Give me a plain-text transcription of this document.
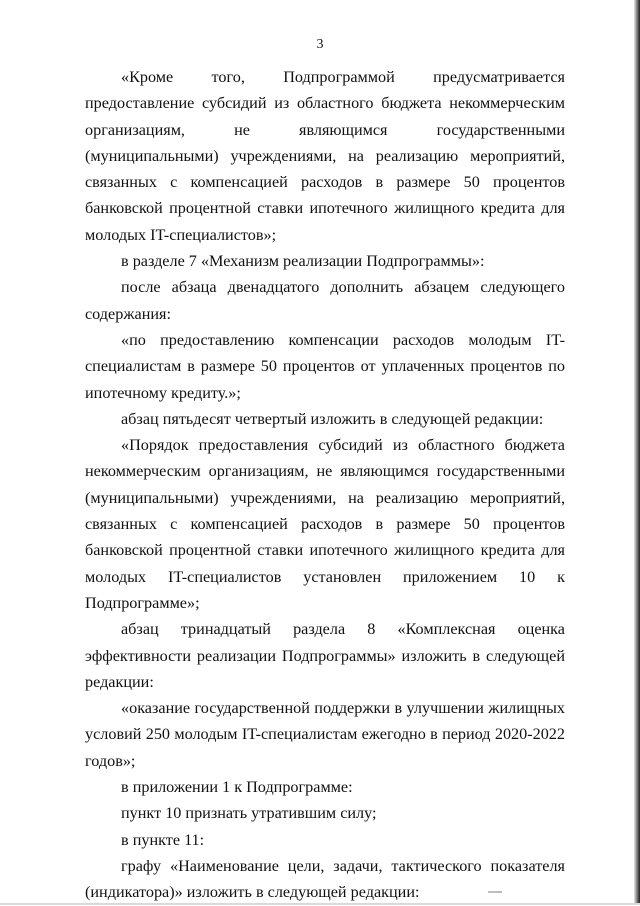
3

«Кроме того, Подпрограммой предусматривается предоставление субсидий из областного бюджета некоммерческим организациям, не являющимся государственными (муниципальными) учреждениями, на реализацию мероприятий, связанных с компенсацией расходов в размере 50 процентов банковской процентной ставки ипотечного жилищного кредита для молодых IT-специалистов»;

в разделе 7 «Механизм реализации Подпрограммы»:

после абзаца двенадцатого дополнить абзацем следующего содержания:

«по предоставлению компенсации расходов молодым IT-специалистам в размере 50 процентов от уплаченных процентов по ипотечному кредиту.»;

абзац пятьдесят четвертый изложить в следующей редакции:

«Порядок предоставления субсидий из областного бюджета некоммерческим организациям, не являющимся государственными (муниципальными) учреждениями, на реализацию мероприятий, связанных с компенсацией расходов в размере 50 процентов банковской процентной ставки ипотечного жилищного кредита для молодых IT-специалистов установлен приложением 10 к Подпрограмме»;

абзац тринадцатый раздела 8 «Комплексная оценка эффективности реализации Подпрограммы» изложить в следующей редакции:

«оказание государственной поддержки в улучшении жилищных условий 250 молодым IT-специалистам ежегодно в период 2020-2022 годов»;

в приложении 1 к Подпрограмме:

пункт 10 признать утратившим силу;

в пункте 11:

графу «Наименование цели, задачи, тактического показателя (индикатора)» изложить в следующей редакции:
